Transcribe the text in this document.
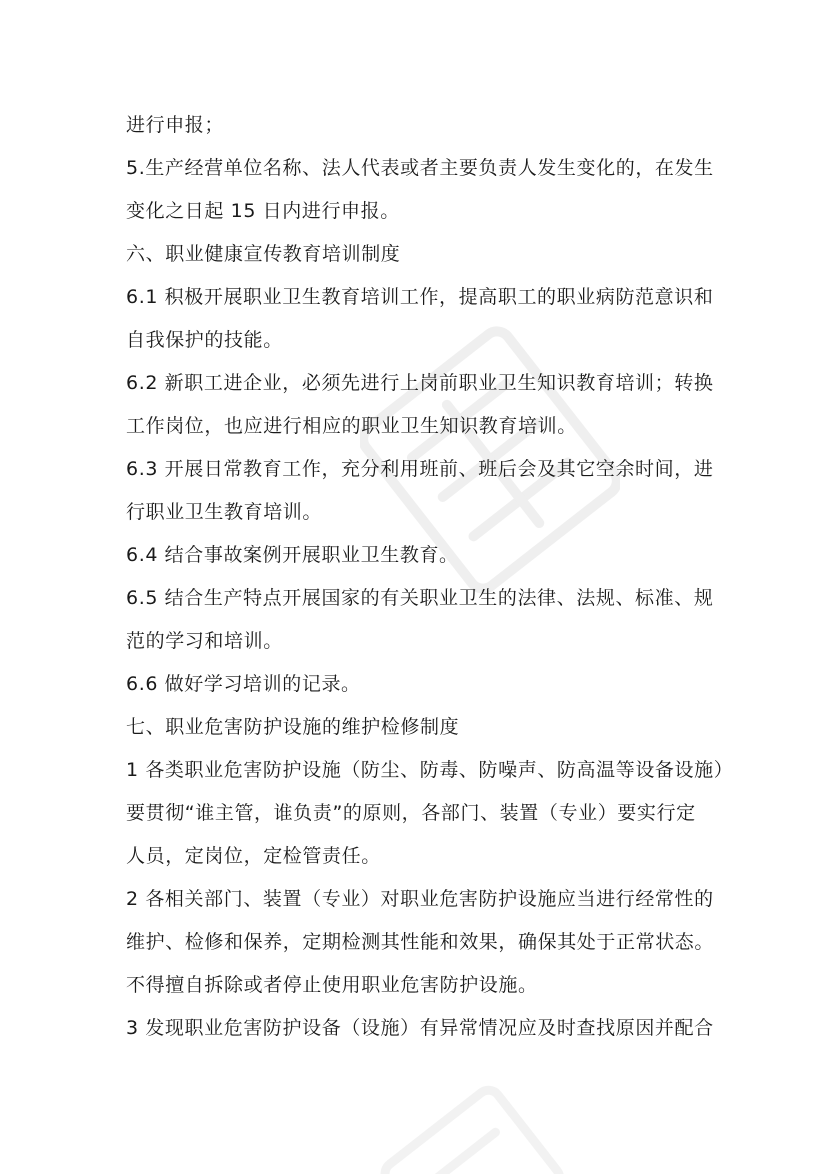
进行申报；
5.生产经营单位名称、法人代表或者主要负责人发生变化的，在发生
变化之日起 15 日内进行申报。
六、职业健康宣传教育培训制度
6.1 积极开展职业卫生教育培训工作，提高职工的职业病防范意识和
自我保护的技能。
6.2 新职工进企业，必须先进行上岗前职业卫生知识教育培训；转换
工作岗位，也应进行相应的职业卫生知识教育培训。
6.3 开展日常教育工作，充分利用班前、班后会及其它空余时间，进
行职业卫生教育培训。
6.4 结合事故案例开展职业卫生教育。
6.5 结合生产特点开展国家的有关职业卫生的法律、法规、标准、规
范的学习和培训。
6.6 做好学习培训的记录。
七、职业危害防护设施的维护检修制度
1 各类职业危害防护设施（防尘、防毒、防噪声、防高温等设备设施）
要贯彻“谁主管，谁负责”的原则，各部门、装置（专业）要实行定
人员，定岗位，定检管责任。
2 各相关部门、装置（专业）对职业危害防护设施应当进行经常性的
维护、检修和保养，定期检测其性能和效果，确保其处于正常状态。
不得擅自拆除或者停止使用职业危害防护设施。
3 发现职业危害防护设备（设施）有异常情况应及时查找原因并配合
